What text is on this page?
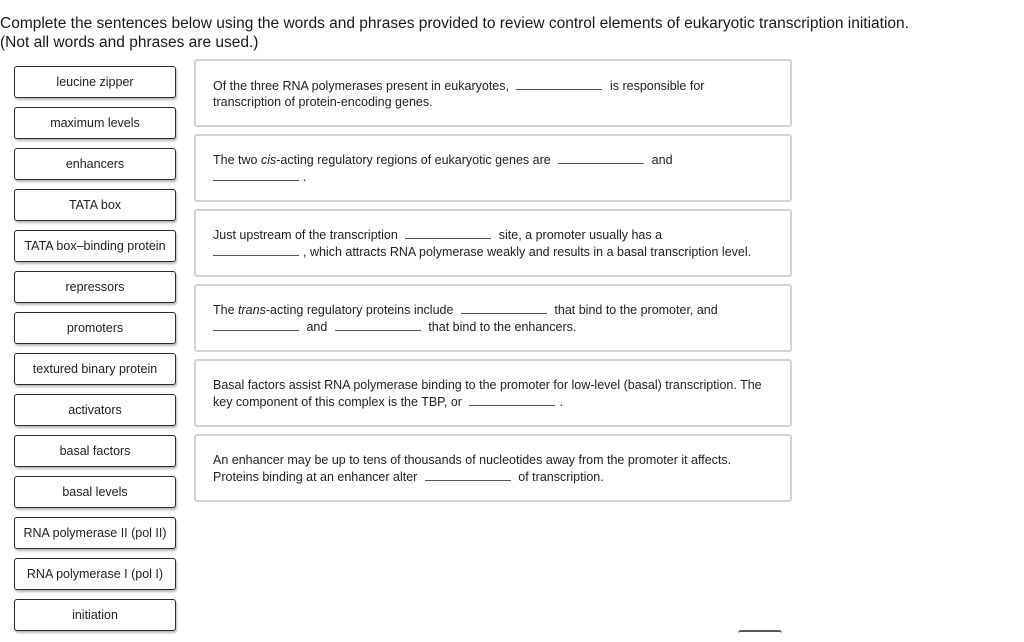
Complete the sentences below using the words and phrases provided to review control elements of eukaryotic transcription initiation.
(Not all words and phrases are used.)
leucine zipper
maximum levels
enhancers
TATA box
TATA box–binding protein
repressors
promoters
textured binary protein
activators
basal factors
basal levels
RNA polymerase II (pol II)
RNA polymerase I (pol I)
initiation
Of the three RNA polymerases present in eukaryotes,	is responsible for transcription of protein-encoding genes.
The two cis-acting regulatory regions of eukaryotic genes are	and
.
Just upstream of the transcription	site, a promoter usually has a
, which attracts RNA polymerase weakly and results in a basal transcription level.
The trans-acting regulatory proteins include	that bind to the promoter, and
and	that bind to the enhancers.
Basal factors assist RNA polymerase binding to the promoter for low-level (basal) transcription. The key component of this complex is the TBP, or	.
An enhancer may be up to tens of thousands of nucleotides away from the promoter it affects. Proteins binding at an enhancer alter	of transcription.
